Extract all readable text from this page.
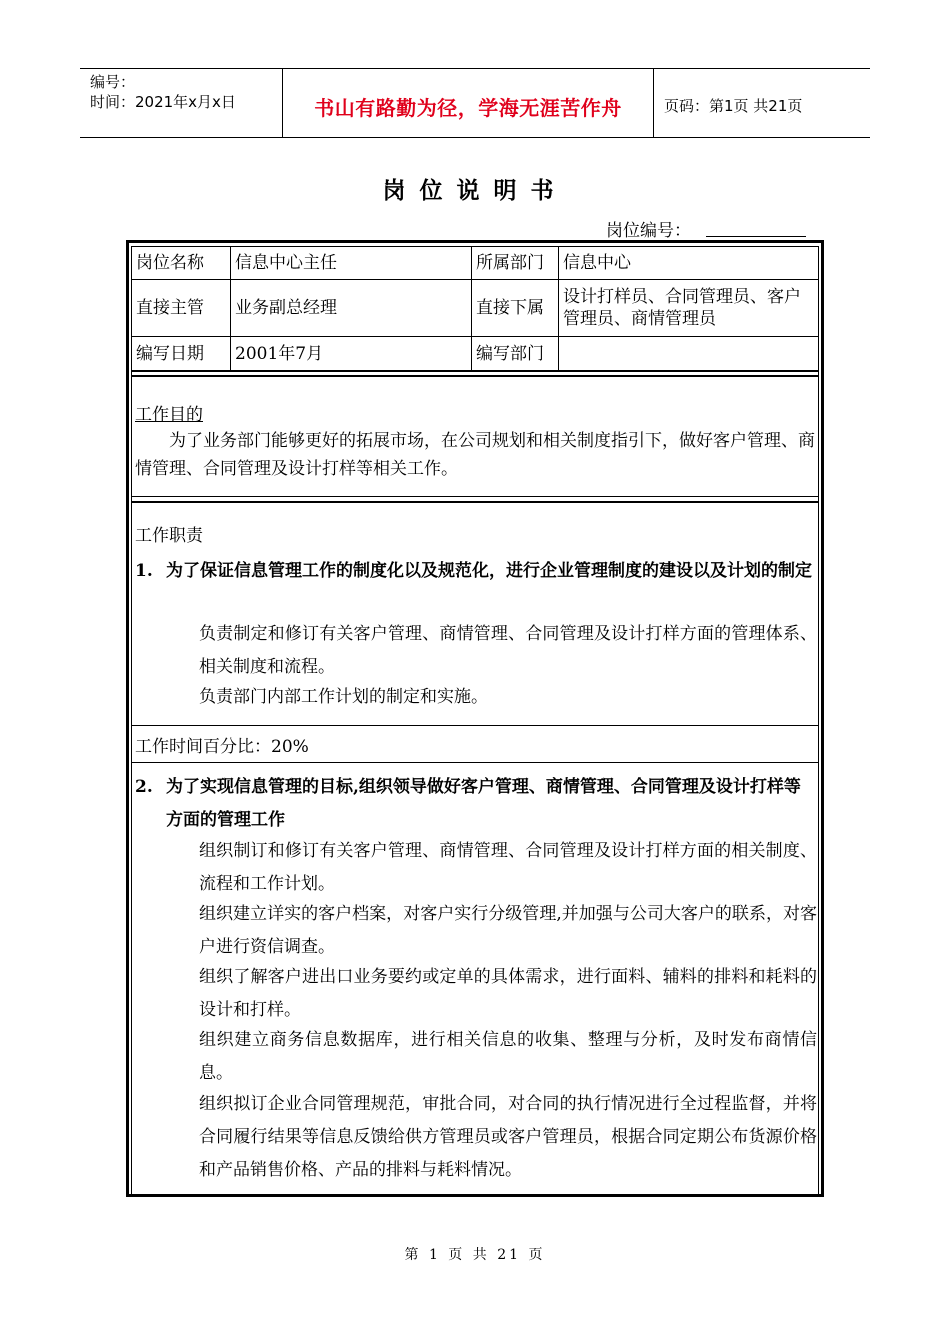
编号：
时间：2021年x月x日	书山有路勤为径，学海无涯苦作舟	页码：第1页 共21页
岗位说明书
岗位编号：
岗位名称	信息中心主任	所属部门	信息中心
直接主管	业务副总经理	直接下属	设计打样员、合同管理员、客户管理员、商情管理员
编写日期	2001年7月	编写部门	
工作目的
为了业务部门能够更好的拓展市场，在公司规划和相关制度指引下，做好客户管理、商情管理、合同管理及设计打样等相关工作。
工作职责
1. 为了保证信息管理工作的制度化以及规范化，进行企业管理制度的建设以及计划的制定
负责制定和修订有关客户管理、商情管理、合同管理及设计打样方面的管理体系、相关制度和流程。
负责部门内部工作计划的制定和实施。
工作时间百分比：20%
2. 为了实现信息管理的目标,组织领导做好客户管理、商情管理、合同管理及设计打样等方面的管理工作
组织制订和修订有关客户管理、商情管理、合同管理及设计打样方面的相关制度、流程和工作计划。
组织建立详实的客户档案，对客户实行分级管理,并加强与公司大客户的联系，对客户进行资信调查。
组织了解客户进出口业务要约或定单的具体需求，进行面料、辅料的排料和耗料的设计和打样。
组织建立商务信息数据库，进行相关信息的收集、整理与分析，及时发布商情信息。
组织拟订企业合同管理规范，审批合同，对合同的执行情况进行全过程监督，并将合同履行结果等信息反馈给供方管理员或客户管理员，根据合同定期公布货源价格和产品销售价格、产品的排料与耗料情况。
第 1 页 共 21 页
